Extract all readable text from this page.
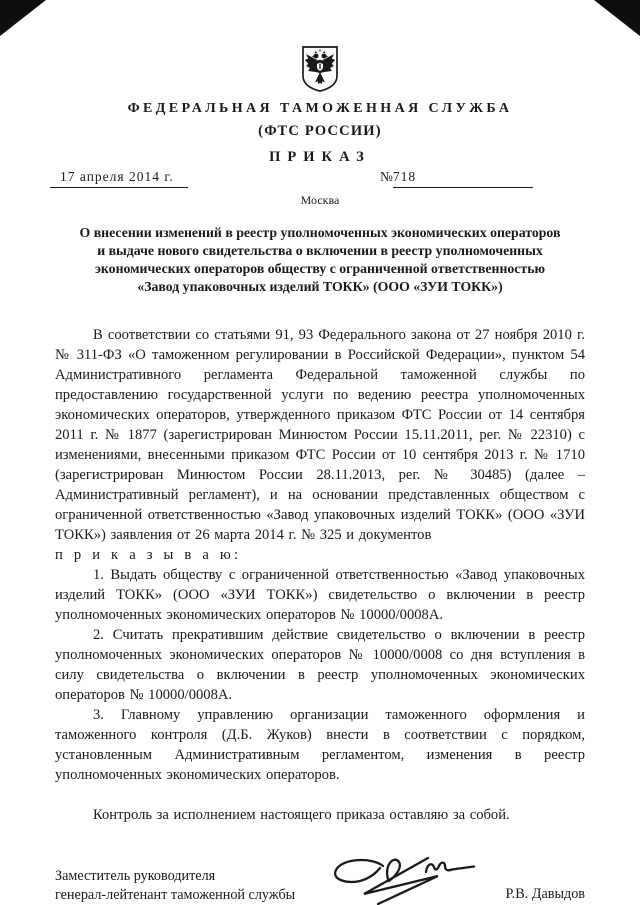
ФЕДЕРАЛЬНАЯ ТАМОЖЕННАЯ СЛУЖБА
(ФТС РОССИИ)
ПРИКАЗ
17 апреля 2014 г.	№718
Москва
О внесении изменений в реестр уполномоченных экономических операторов
и выдаче нового свидетельства о включении в реестр уполномоченных
экономических операторов обществу с ограниченной ответственностью
«Завод упаковочных изделий ТОКК» (ООО «ЗУИ ТОКК»)

В соответствии со статьями 91, 93 Федерального закона от 27 ноября 2010 г. № 311-ФЗ «О таможенном регулировании в Российской Федерации», пунктом 54 Административного регламента Федеральной таможенной службы по предоставлению государственной услуги по ведению реестра уполномоченных экономических операторов, утвержденного приказом ФТС России от 14 сентября 2011 г. № 1877 (зарегистрирован Минюстом России 15.11.2011, рег. № 22310) с изменениями, внесенными приказом ФТС России от 10 сентября 2013 г. № 1710 (зарегистрирован Минюстом России 28.11.2013, рег. № 30485) (далее – Административный регламент), и на основании представленных обществом с ограниченной ответственностью «Завод упаковочных изделий ТОКК» (ООО «ЗУИ ТОКК») заявления от 26 марта 2014 г. № 325 и документов

п р и к а з ы в а ю:

1. Выдать обществу с ограниченной ответственностью «Завод упаковочных изделий ТОКК» (ООО «ЗУИ ТОКК») свидетельство о включении в реестр уполномоченных экономических операторов № 10000/0008А.

2. Считать прекратившим действие свидетельство о включении в реестр уполномоченных экономических операторов № 10000/0008 со дня вступления в силу свидетельства о включении в реестр уполномоченных экономических операторов № 10000/0008А.

3. Главному управлению организации таможенного оформления и таможенного контроля (Д.Б. Жуков) внести в соответствии с порядком, установленным Административным регламентом, изменения в реестр уполномоченных экономических операторов.

Контроль за исполнением настоящего приказа оставляю за собой.

Заместитель руководителя
генерал-лейтенант таможенной службы	Р.В. Давыдов
